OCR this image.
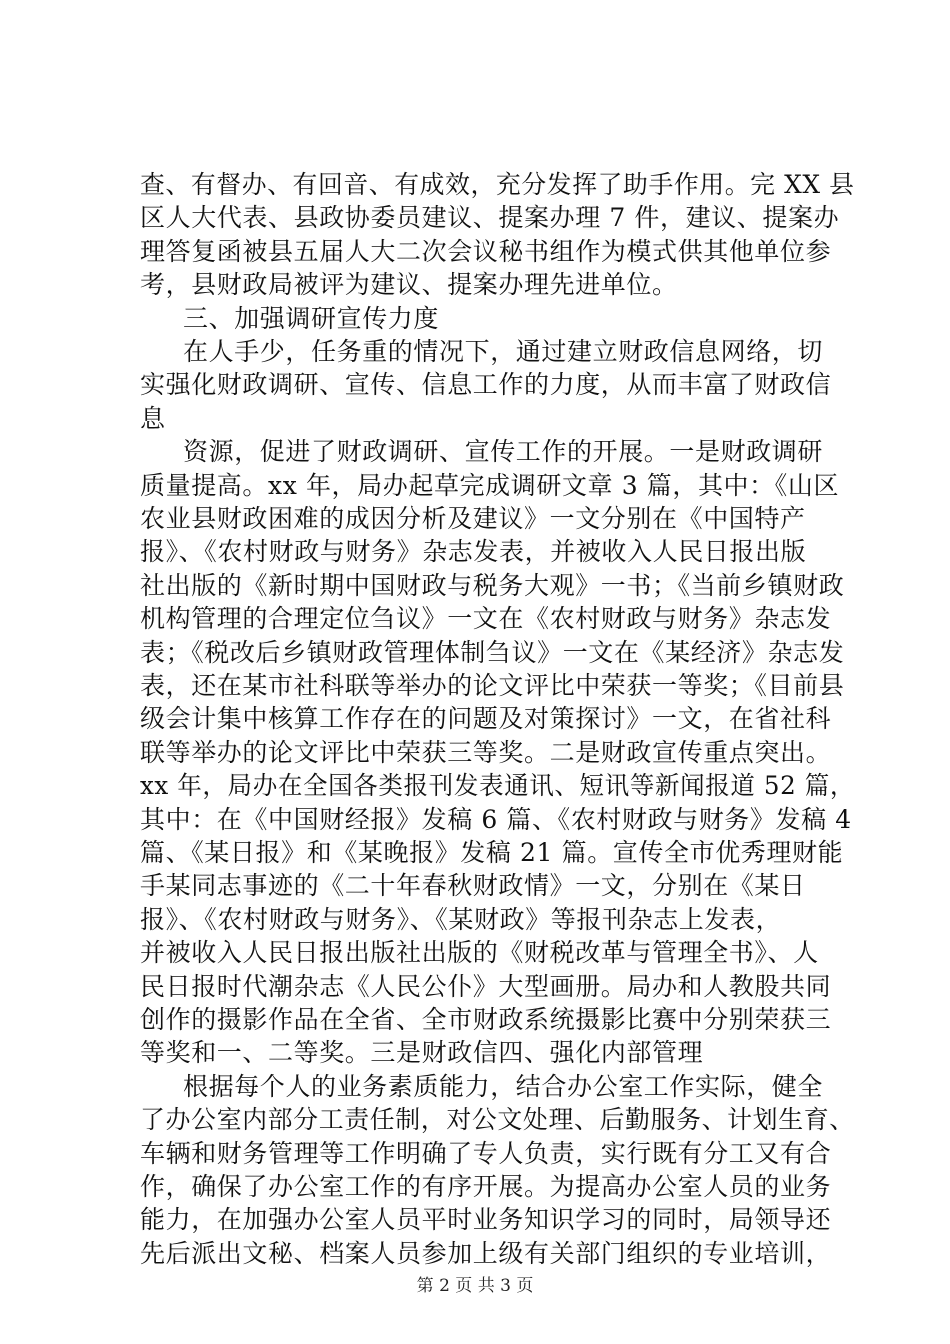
查、有督办、有回音、有成效，充分发挥了助手作用。完 XX 县
区人大代表、县政协委员建议、提案办理 7 件，建议、提案办
理答复函被县五届人大二次会议秘书组作为模式供其他单位参
考，县财政局被评为建议、提案办理先进单位。
三、加强调研宣传力度
在人手少，任务重的情况下，通过建立财政信息网络，切
实强化财政调研、宣传、信息工作的力度，从而丰富了财政信
息
资源，促进了财政调研、宣传工作的开展。一是财政调研
质量提高。xx 年，局办起草完成调研文章 3 篇，其中：《山区
农业县财政困难的成因分析及建议》一文分别在《中国特产
报》、《农村财政与财务》杂志发表，并被收入人民日报出版
社出版的《新时期中国财政与税务大观》一书；《当前乡镇财政
机构管理的合理定位刍议》一文在《农村财政与财务》杂志发
表；《税改后乡镇财政管理体制刍议》一文在《某经济》杂志发
表，还在某市社科联等举办的论文评比中荣获一等奖；《目前县
级会计集中核算工作存在的问题及对策探讨》一文，在省社科
联等举办的论文评比中荣获三等奖。二是财政宣传重点突出。
xx 年，局办在全国各类报刊发表通讯、短讯等新闻报道 52 篇，
其中：在《中国财经报》发稿 6 篇、《农村财政与财务》发稿 4
篇、《某日报》和《某晚报》发稿 21 篇。宣传全市优秀理财能
手某同志事迹的《二十年春秋财政情》一文，分别在《某日
报》、《农村财政与财务》、《某财政》等报刊杂志上发表，
并被收入人民日报出版社出版的《财税改革与管理全书》、人
民日报时代潮杂志《人民公仆》大型画册。局办和人教股共同
创作的摄影作品在全省、全市财政系统摄影比赛中分别荣获三
等奖和一、二等奖。三是财政信四、强化内部管理
根据每个人的业务素质能力，结合办公室工作实际，健全
了办公室内部分工责任制，对公文处理、后勤服务、计划生育、
车辆和财务管理等工作明确了专人负责，实行既有分工又有合
作，确保了办公室工作的有序开展。为提高办公室人员的业务
能力，在加强办公室人员平时业务知识学习的同时，局领导还
先后派出文秘、档案人员参加上级有关部门组织的专业培训，
第 2 页 共 3 页
